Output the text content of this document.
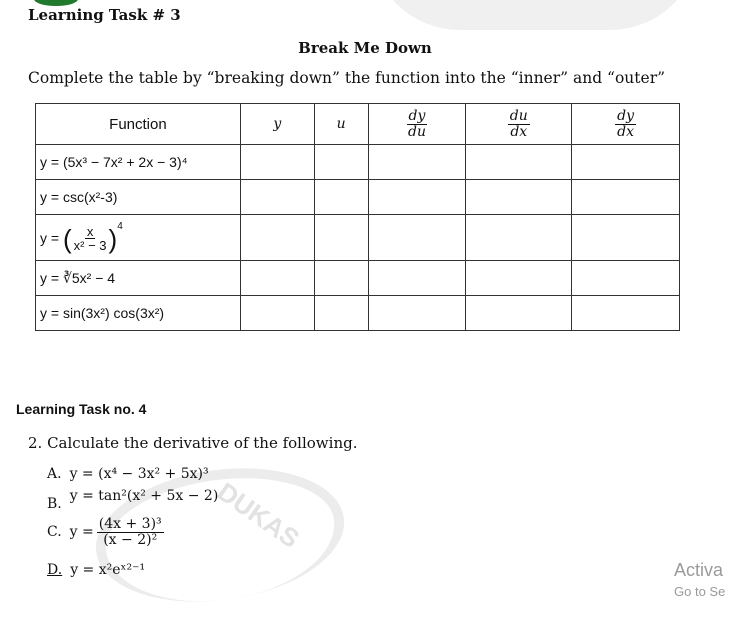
Learning Task # 3
Break Me Down
Complete the table by “breaking down” the function into the “inner” and “outer”
Function	y	u	$\frac{dy}{du}$	$\frac{du}{dx}$	$\frac{dy}{dx}$

y = (5x³ − 7x² + 2x − 3)⁴					
y = csc(x²-3)					
y = ( $\frac{x}{\text{x² − 3}} )^4$					
y = ∛5x² − 4					
y = sin(3x²) cos(3x²)					
DUKAS
Learning Task no. 4
2. Calculate the derivative of the following.
A. y = (x⁴ − 3x² + 5x)³
B. y = tan²(x² + 5x − 2)
C. $y = \frac{\text{(4x + 3)³}}{\text{(x − 2)²}}$
D. y = x²eˣ²⁻¹	Activa
Go to Se
